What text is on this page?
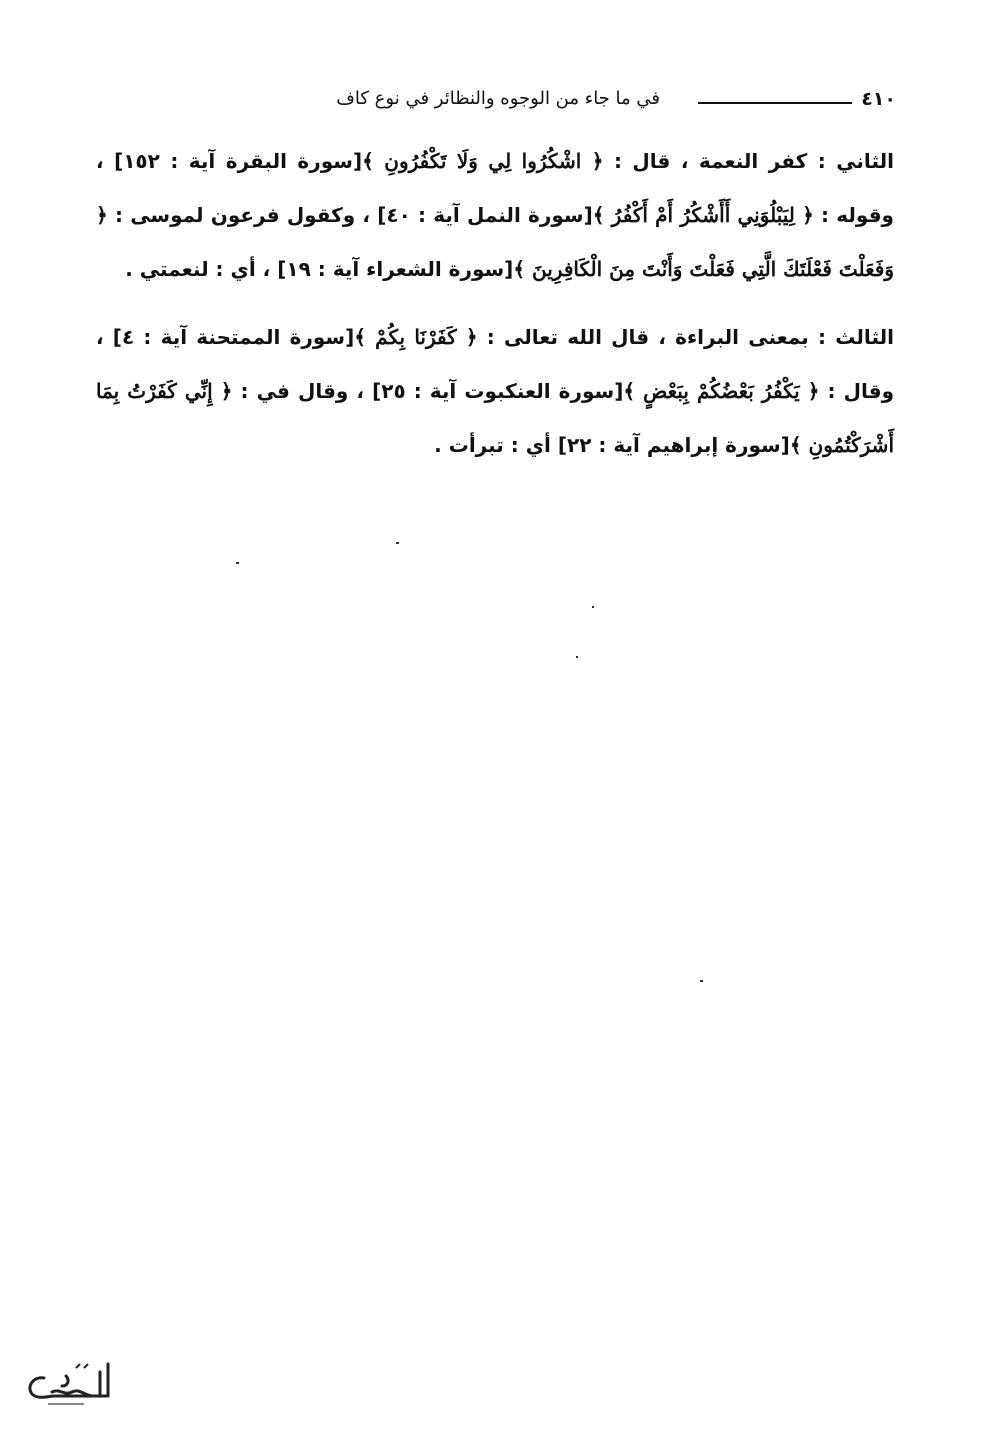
٤١٠
في ما جاء من الوجوه والنظائر في نوع كاف

الثاني : كفر النعمة ، قال : ﴿ اشْكُرُوا لِي وَلَا تَكْفُرُونِ ﴾[سورة البقرة آية : ١٥٢] ، وقوله : ﴿ لِيَبْلُوَنِي أَأَشْكُرُ أَمْ أَكْفُرُ ﴾[سورة النمل آية : ٤٠] ، وكقول فرعون لموسى : ﴿ وَفَعَلْتَ فَعْلَتَكَ الَّتِي فَعَلْتَ وَأَنْتَ مِنَ الْكَافِرِينَ ﴾[سورة الشعراء آية : ١٩] ، أي : لنعمتي .

الثالث : بمعنى البراءة ، قال الله تعالى : ﴿ كَفَرْنَا بِكُمْ ﴾[سورة الممتحنة آية : ٤] ، وقال : ﴿ يَكْفُرُ بَعْضُكُمْ بِبَعْضٍ ﴾[سورة العنكبوت آية : ٢٥] ، وقال في : ﴿ إِنِّي كَفَرْتُ بِمَا أَشْرَكْتُمُونِ ﴾[سورة إبراهيم آية : ٢٢] أي : تبرأت .
